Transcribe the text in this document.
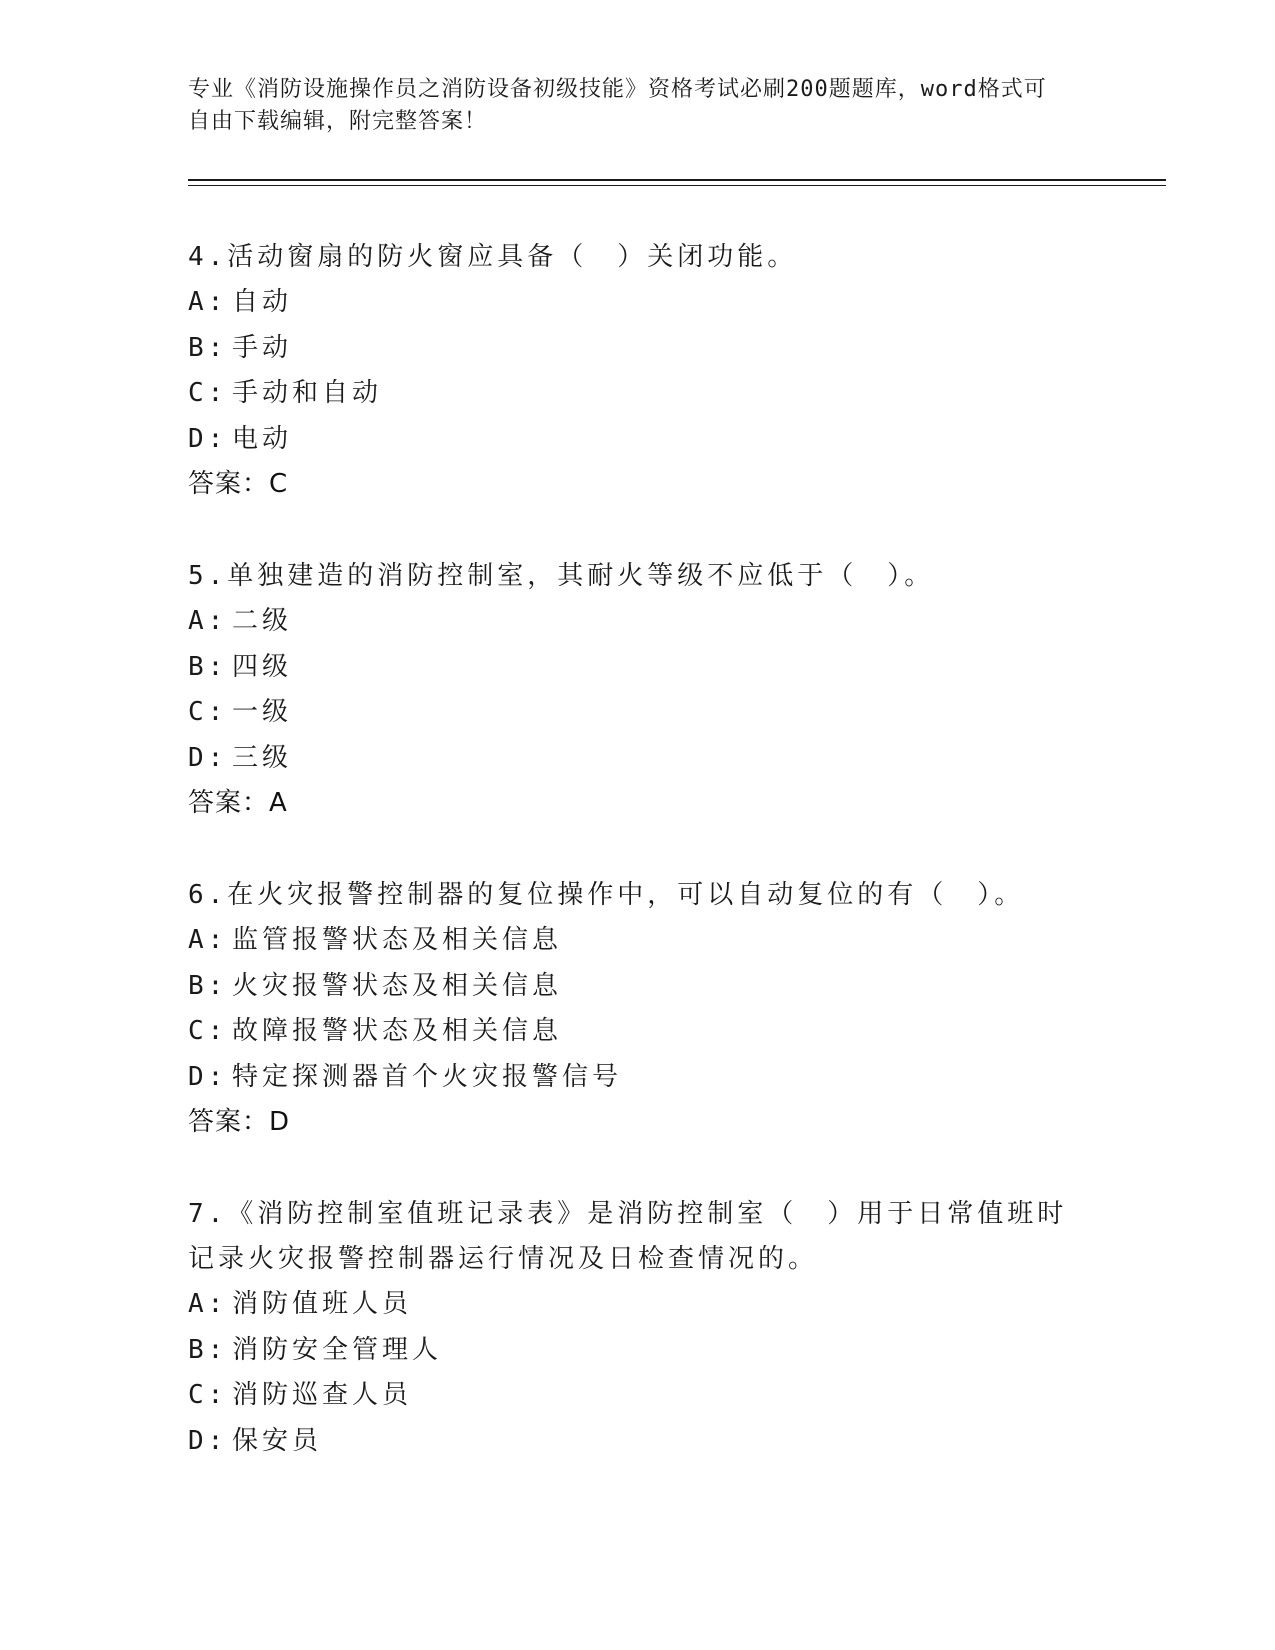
专业《消防设施操作员之消防设备初级技能》资格考试必刷200题题库，word格式可自由下载编辑，附完整答案！
4.活动窗扇的防火窗应具备（　）关闭功能。
A: 自动
B: 手动
C: 手动和自动
D: 电动
答案：C
5.单独建造的消防控制室，其耐火等级不应低于（　）。
A: 二级
B: 四级
C: 一级
D: 三级
答案：A
6.在火灾报警控制器的复位操作中，可以自动复位的有（　）。
A: 监管报警状态及相关信息
B: 火灾报警状态及相关信息
C: 故障报警状态及相关信息
D: 特定探测器首个火灾报警信号
答案：D
7.《消防控制室值班记录表》是消防控制室（　）用于日常值班时记录火灾报警控制器运行情况及日检查情况的。
A: 消防值班人员
B: 消防安全管理人
C: 消防巡查人员
D: 保安员
